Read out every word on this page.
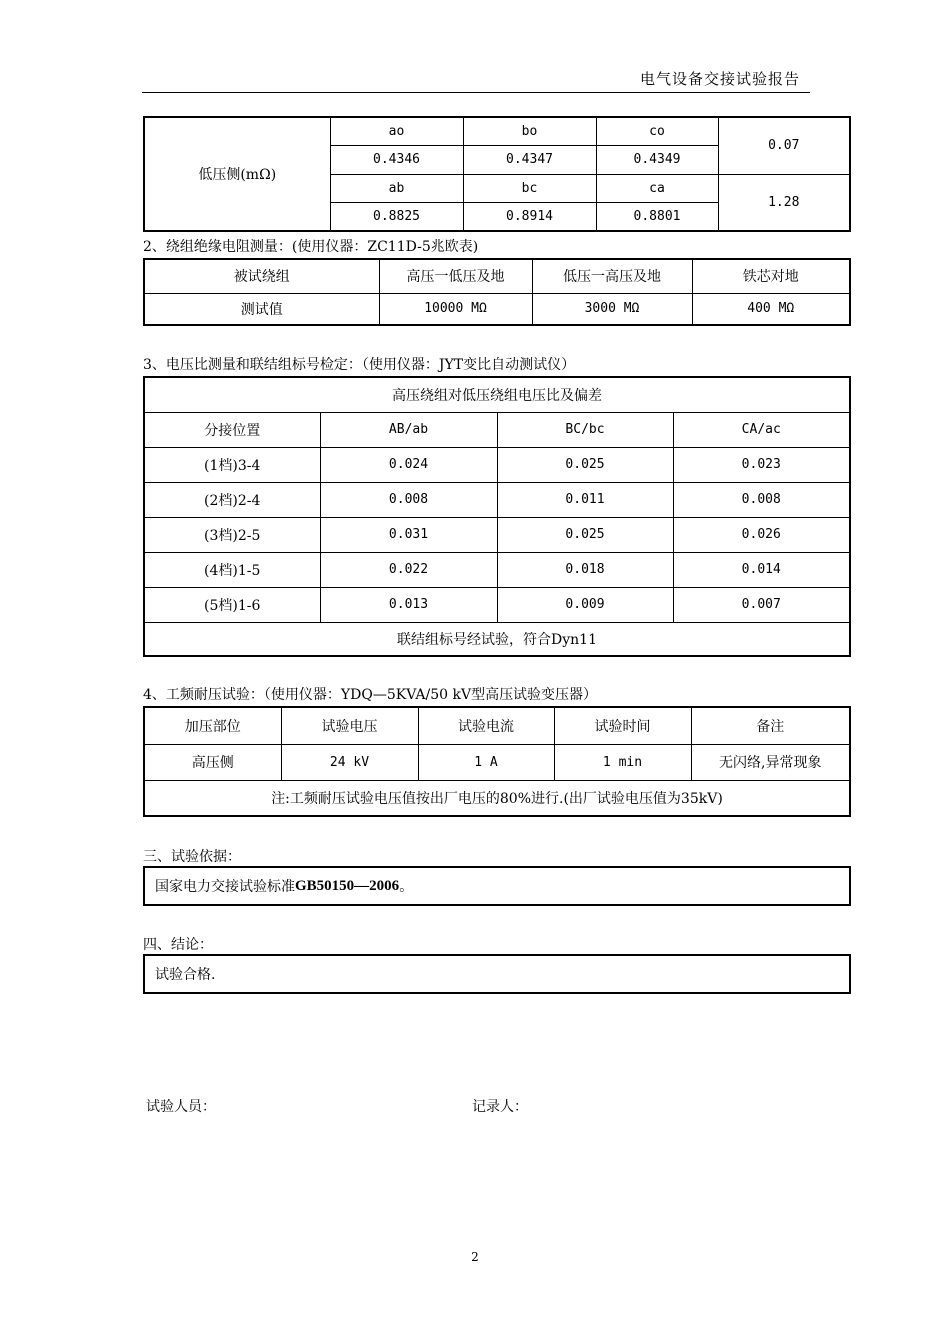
电气设备交接试验报告
低压侧(mΩ)	ao	bo	co	0.07
	0.4346	0.4347	0.4349	
	ab	bc	ca	1.28
	0.8825	0.8914	0.8801	
2、绕组绝缘电阻测量：(使用仪器：ZC11D-5兆欧表)
被试绕组	高压一低压及地	低压一高压及地	铁芯对地
测试值	10000 MΩ	3000 MΩ	400 MΩ
3、电压比测量和联结组标号检定：（使用仪器：JYT变比自动测试仪）
高压绕组对低压绕组电压比及偏差			
分接位置	AB/ab	BC/bc	CA/ac
(1档)3-4	0.024	0.025	0.023
(2档)2-4	0.008	0.011	0.008
(3档)2-5	0.031	0.025	0.026
(4档)1-5	0.022	0.018	0.014
(5档)1-6	0.013	0.009	0.007
联结组标号经试验，符合Dyn11			
4、工频耐压试验：（使用仪器：YDQ—5KVA/50 kV型高压试验变压器）
加压部位	试验电压	试验电流	试验时间	备注
高压侧	24 kV	1 A	1 min	无闪络,异常现象
注:工频耐压试验电压值按出厂电压的80%进行.(出厂试验电压值为35kV)				
三、试验依据：
国家电力交接试验标准 GB50150—2006 。
四、结论：
试验合格.
试验人员：	记录人：
2
